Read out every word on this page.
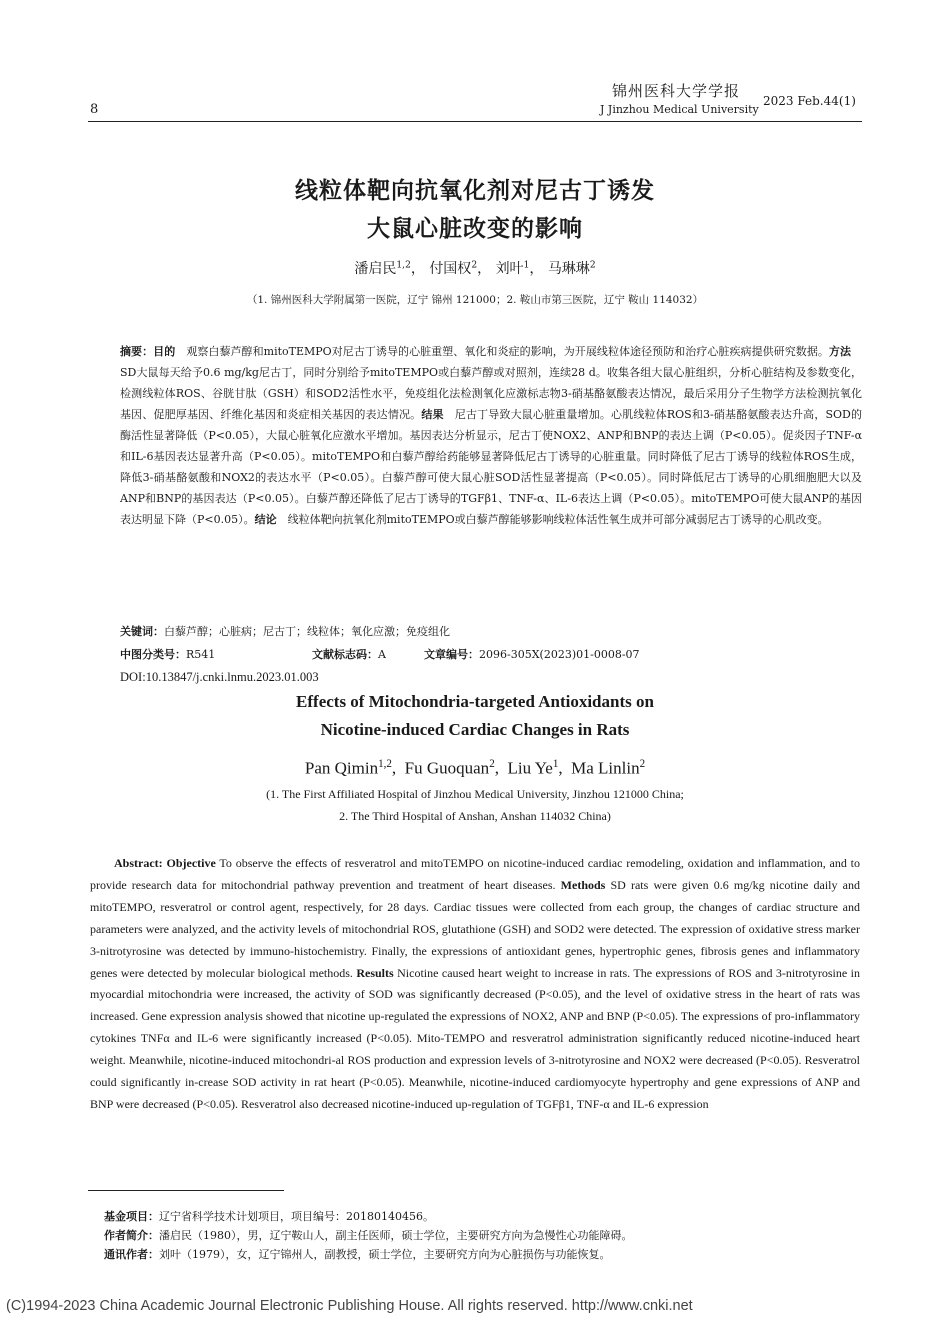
8
锦州医科大学学报
J Jinzhou Medical University
2023 Feb.44(1)
线粒体靶向抗氧化剂对尼古丁诱发
大鼠心脏改变的影响
潘启民$^{1,2}$， 付国权$^2$， 刘叶$^1$， 马琳琳$^2$
（1. 锦州医科大学附属第一医院，辽宁 锦州 121000；2. 鞍山市第三医院，辽宁 鞍山 114032）
摘要：目的　观察白藜芦醇和mitoTEMPO对尼古丁诱导的心脏重塑、氧化和炎症的影响，为开展线粒体途径预防和治疗心脏疾病提供研究数据。方法　SD大鼠每天给予0.6 mg/kg尼古丁，同时分别给予mitoTEMPO或白藜芦醇或对照剂，连续28 d。收集各组大鼠心脏组织，分析心脏结构及参数变化，检测线粒体ROS、谷胱甘肽（GSH）和SOD2活性水平，免疫组化法检测氧化应激标志物3-硝基酪氨酸表达情况，最后采用分子生物学方法检测抗氧化基因、促肥厚基因、纤维化基因和炎症相关基因的表达情况。结果　尼古丁导致大鼠心脏重量增加。心肌线粒体ROS和3-硝基酪氨酸表达升高，SOD的酶活性显著降低（P<0.05），大鼠心脏氧化应激水平增加。基因表达分析显示，尼古丁使NOX2、ANP和BNP的表达上调（P<0.05）。促炎因子TNF-α和IL-6基因表达显著升高（P<0.05）。mitoTEMPO和白藜芦醇给药能够显著降低尼古丁诱导的心脏重量。同时降低了尼古丁诱导的线粒体ROS生成，降低3-硝基酪氨酸和NOX2的表达水平（P<0.05）。白藜芦醇可使大鼠心脏SOD活性显著提高（P<0.05）。同时降低尼古丁诱导的心肌细胞肥大以及ANP和BNP的基因表达（P<0.05）。白藜芦醇还降低了尼古丁诱导的TGFβ1、TNF-α、IL-6表达上调（P<0.05）。mitoTEMPO可使大鼠ANP的基因表达明显下降（P<0.05）。结论　线粒体靶向抗氧化剂mitoTEMPO或白藜芦醇能够影响线粒体活性氧生成并可部分减弱尼古丁诱导的心肌改变。
关键词：白藜芦醇；心脏病；尼古丁；线粒体；氧化应激；免疫组化
中图分类号：R541	文献标志码：A	文章编号：2096-305X(2023)01-0008-07
DOI:10.13847/j.cnki.lnmu.2023.01.003
Effects of Mitochondria-targeted Antioxidants on
Nicotine-induced Cardiac Changes in Rats
Pan Qimin$^{1,2}$,  Fu Guoquan$^2$,  Liu Ye$^1$,  Ma Linlin$^2$
(1. The First Affiliated Hospital of Jinzhou Medical University, Jinzhou 121000 China;
2. The Third Hospital of Anshan, Anshan 114032 China)
  Abstract: Objective To observe the effects of resveratrol and mitoTEMPO on nicotine-induced cardiac remodeling, oxidation and inflammation, and to provide research data for mitochondrial pathway prevention and treatment of heart diseases. Methods SD rats were given 0.6 mg/kg nicotine daily and mitoTEMPO, resveratrol or control agent, respectively, for 28 days. Cardiac tissues were collected from each group, the changes of cardiac structure and parameters were analyzed, and the activity levels of mitochondrial ROS, glutathione (GSH) and SOD2 were detected. The expression of oxidative stress marker 3-nitrotyrosine was detected by immuno-histochemistry. Finally, the expressions of antioxidant genes, hypertrophic genes, fibrosis genes and inflammatory genes were detected by molecular biological methods. Results Nicotine caused heart weight to increase in rats. The expressions of ROS and 3-nitrotyrosine in myocardial mitochondria were increased, the activity of SOD was significantly decreased (P<0.05), and the level of oxidative stress in the heart of rats was increased. Gene expression analysis showed that nicotine up-regulated the expressions of NOX2, ANP and BNP (P<0.05). The expressions of pro-inflammatory cytokines TNFα and IL-6 were significantly increased (P<0.05). Mito-TEMPO and resveratrol administration significantly reduced nicotine-induced heart weight. Meanwhile, nicotine-induced mitochondri-al ROS production and expression levels of 3-nitrotyrosine and NOX2 were decreased (P<0.05). Resveratrol could significantly in-crease SOD activity in rat heart (P<0.05). Meanwhile, nicotine-induced cardiomyocyte hypertrophy and gene expressions of ANP and BNP were decreased (P<0.05). Resveratrol also decreased nicotine-induced up-regulation of TGFβ1, TNF-α and IL-6 expression
基金项目：辽宁省科学技术计划项目，项目编号：20180140456。
作者简介：潘启民（1980），男，辽宁鞍山人，副主任医师，硕士学位，主要研究方向为急慢性心功能障碍。
通讯作者：刘叶（1979），女，辽宁锦州人，副教授，硕士学位，主要研究方向为心脏损伤与功能恢复。
(C)1994-2023 China Academic Journal Electronic Publishing House. All rights reserved. http://www.cnki.net
